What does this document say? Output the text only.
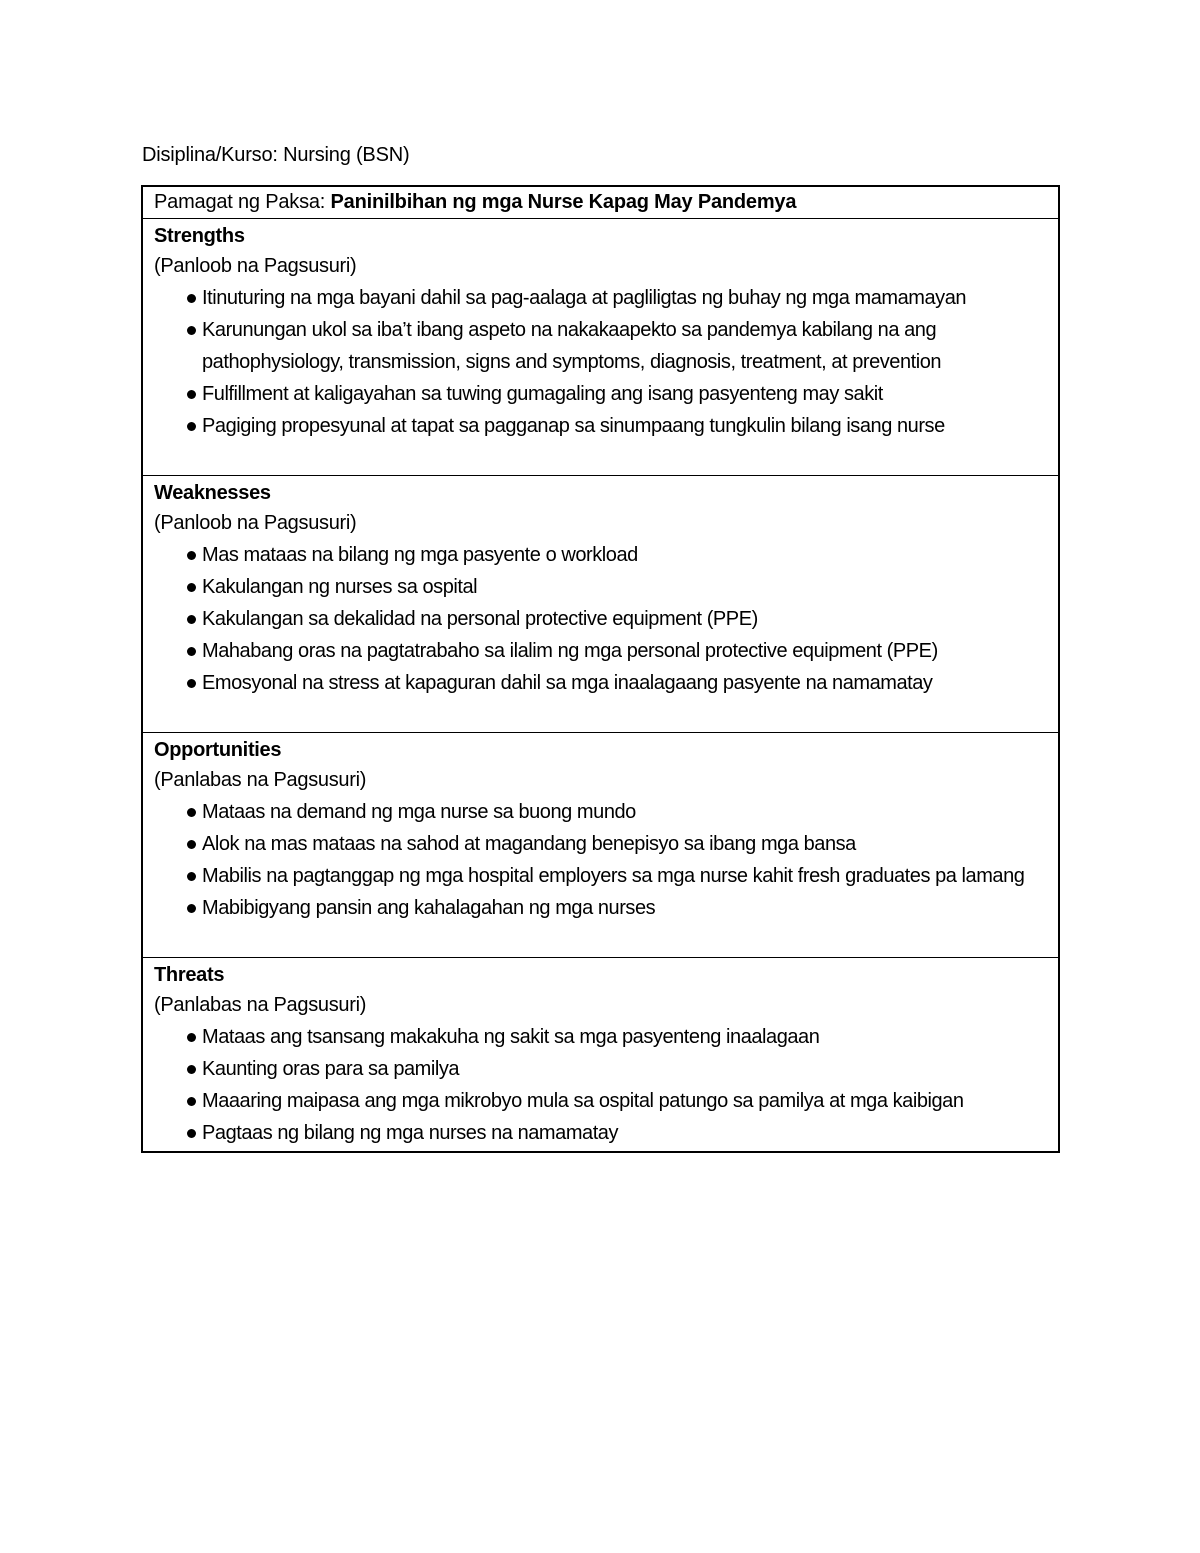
Disiplina/Kurso: Nursing (BSN)
Pamagat ng Paksa: Paninilbihan ng mga Nurse Kapag May Pandemya
Strengths
(Panloob na Pagsusuri)
Itinuturing na mga bayani dahil sa pag-aalaga at pagliligtas ng buhay ng mga mamamayan
Karunungan ukol sa iba’t ibang aspeto na nakakaapekto sa pandemya kabilang na ang pathophysiology, transmission, signs and symptoms, diagnosis, treatment, at prevention
Fulfillment at kaligayahan sa tuwing gumagaling ang isang pasyenteng may sakit
Pagiging propesyunal at tapat sa pagganap sa sinumpaang tungkulin bilang isang nurse
Weaknesses
(Panloob na Pagsusuri)
Mas mataas na bilang ng mga pasyente o workload
Kakulangan ng nurses sa ospital
Kakulangan sa dekalidad na personal protective equipment (PPE)
Mahabang oras na pagtatrabaho sa ilalim ng mga personal protective equipment (PPE)
Emosyonal na stress at kapaguran dahil sa mga inaalagaang pasyente na namamatay
Opportunities
(Panlabas na Pagsusuri)
Mataas na demand ng mga nurse sa buong mundo
Alok na mas mataas na sahod at magandang benepisyo sa ibang mga bansa
Mabilis na pagtanggap ng mga hospital employers sa mga nurse kahit fresh graduates pa lamang
Mabibigyang pansin ang kahalagahan ng mga nurses
Threats
(Panlabas na Pagsusuri)
Mataas ang tsansang makakuha ng sakit sa mga pasyenteng inaalagaan
Kaunting oras para sa pamilya
Maaaring maipasa ang mga mikrobyo mula sa ospital patungo sa pamilya at mga kaibigan
Pagtaas ng bilang ng mga nurses na namamatay
